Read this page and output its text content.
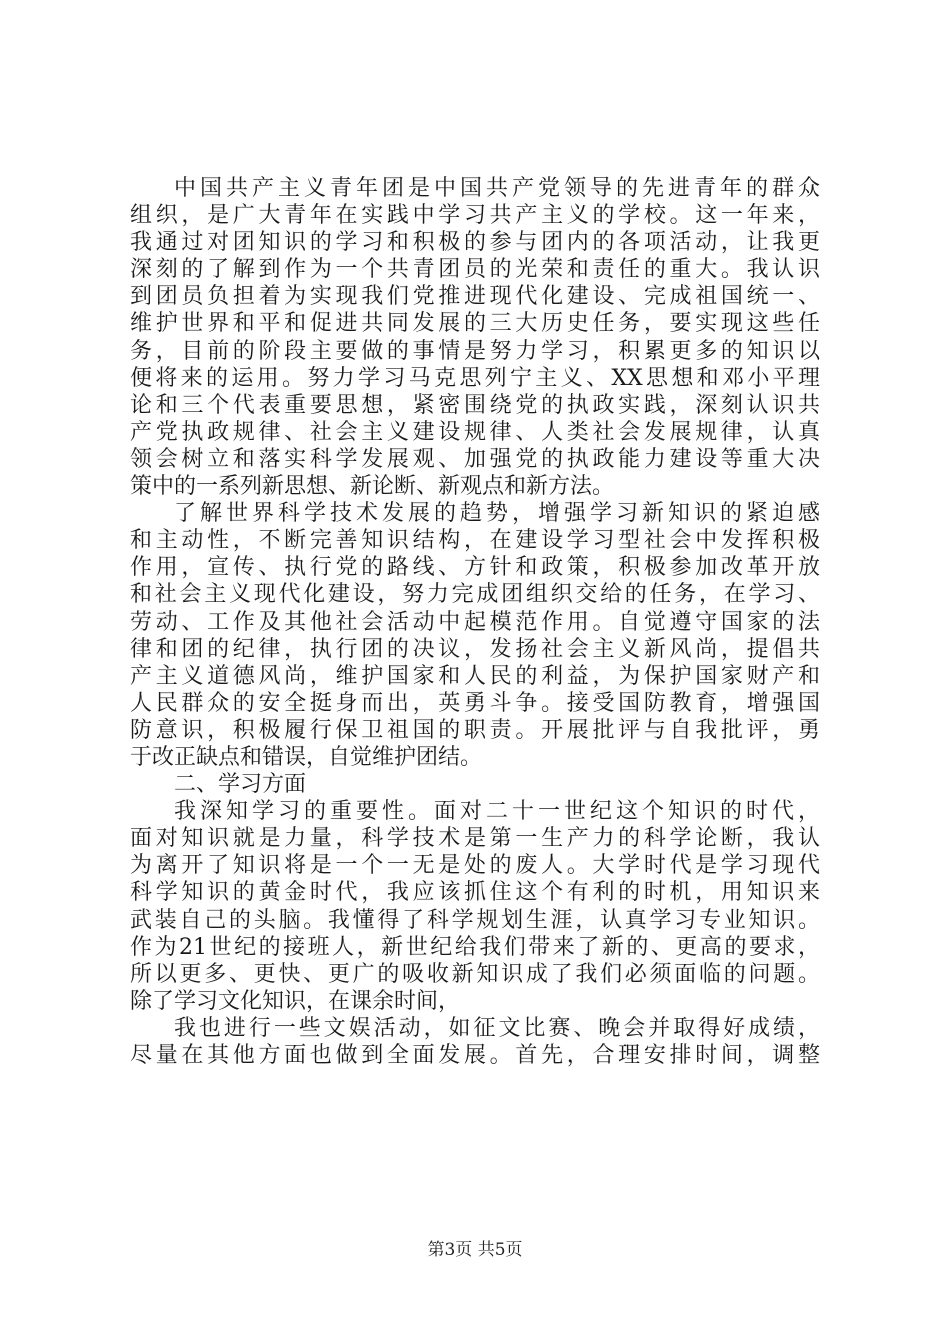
中国共产主义青年团是中国共产党领导的先进青年的群众
组织，是广大青年在实践中学习共产主义的学校。这一年来，
我通过对团知识的学习和积极的参与团内的各项活动，让我更
深刻的了解到作为一个共青团员的光荣和责任的重大。我认识
到团员负担着为实现我们党推进现代化建设、完成祖国统一、
维护世界和平和促进共同发展的三大历史任务，要实现这些任
务，目前的阶段主要做的事情是努力学习，积累更多的知识以
便将来的运用。努力学习马克思列宁主义、XX思想和邓小平理
论和三个代表重要思想，紧密围绕党的执政实践，深刻认识共
产党执政规律、社会主义建设规律、人类社会发展规律，认真
领会树立和落实科学发展观、加强党的执政能力建设等重大决
策中的一系列新思想、新论断、新观点和新方法。
了解世界科学技术发展的趋势，增强学习新知识的紧迫感
和主动性，不断完善知识结构，在建设学习型社会中发挥积极
作用，宣传、执行党的路线、方针和政策，积极参加改革开放
和社会主义现代化建设，努力完成团组织交给的任务，在学习、
劳动、工作及其他社会活动中起模范作用。自觉遵守国家的法
律和团的纪律，执行团的决议，发扬社会主义新风尚，提倡共
产主义道德风尚，维护国家和人民的利益，为保护国家财产和
人民群众的安全挺身而出，英勇斗争。接受国防教育，增强国
防意识，积极履行保卫祖国的职责。开展批评与自我批评，勇
于改正缺点和错误，自觉维护团结。
二、学习方面
我深知学习的重要性。面对二十一世纪这个知识的时代，
面对知识就是力量，科学技术是第一生产力的科学论断，我认
为离开了知识将是一个一无是处的废人。大学时代是学习现代
科学知识的黄金时代，我应该抓住这个有利的时机，用知识来
武装自己的头脑。我懂得了科学规划生涯，认真学习专业知识。
作为21世纪的接班人，新世纪给我们带来了新的、更高的要求，
所以更多、更快、更广的吸收新知识成了我们必须面临的问题。
除了学习文化知识，在课余时间，
我也进行一些文娱活动，如征文比赛、晚会并取得好成绩，
尽量在其他方面也做到全面发展。首先，合理安排时间，调整
第3页 共5页
